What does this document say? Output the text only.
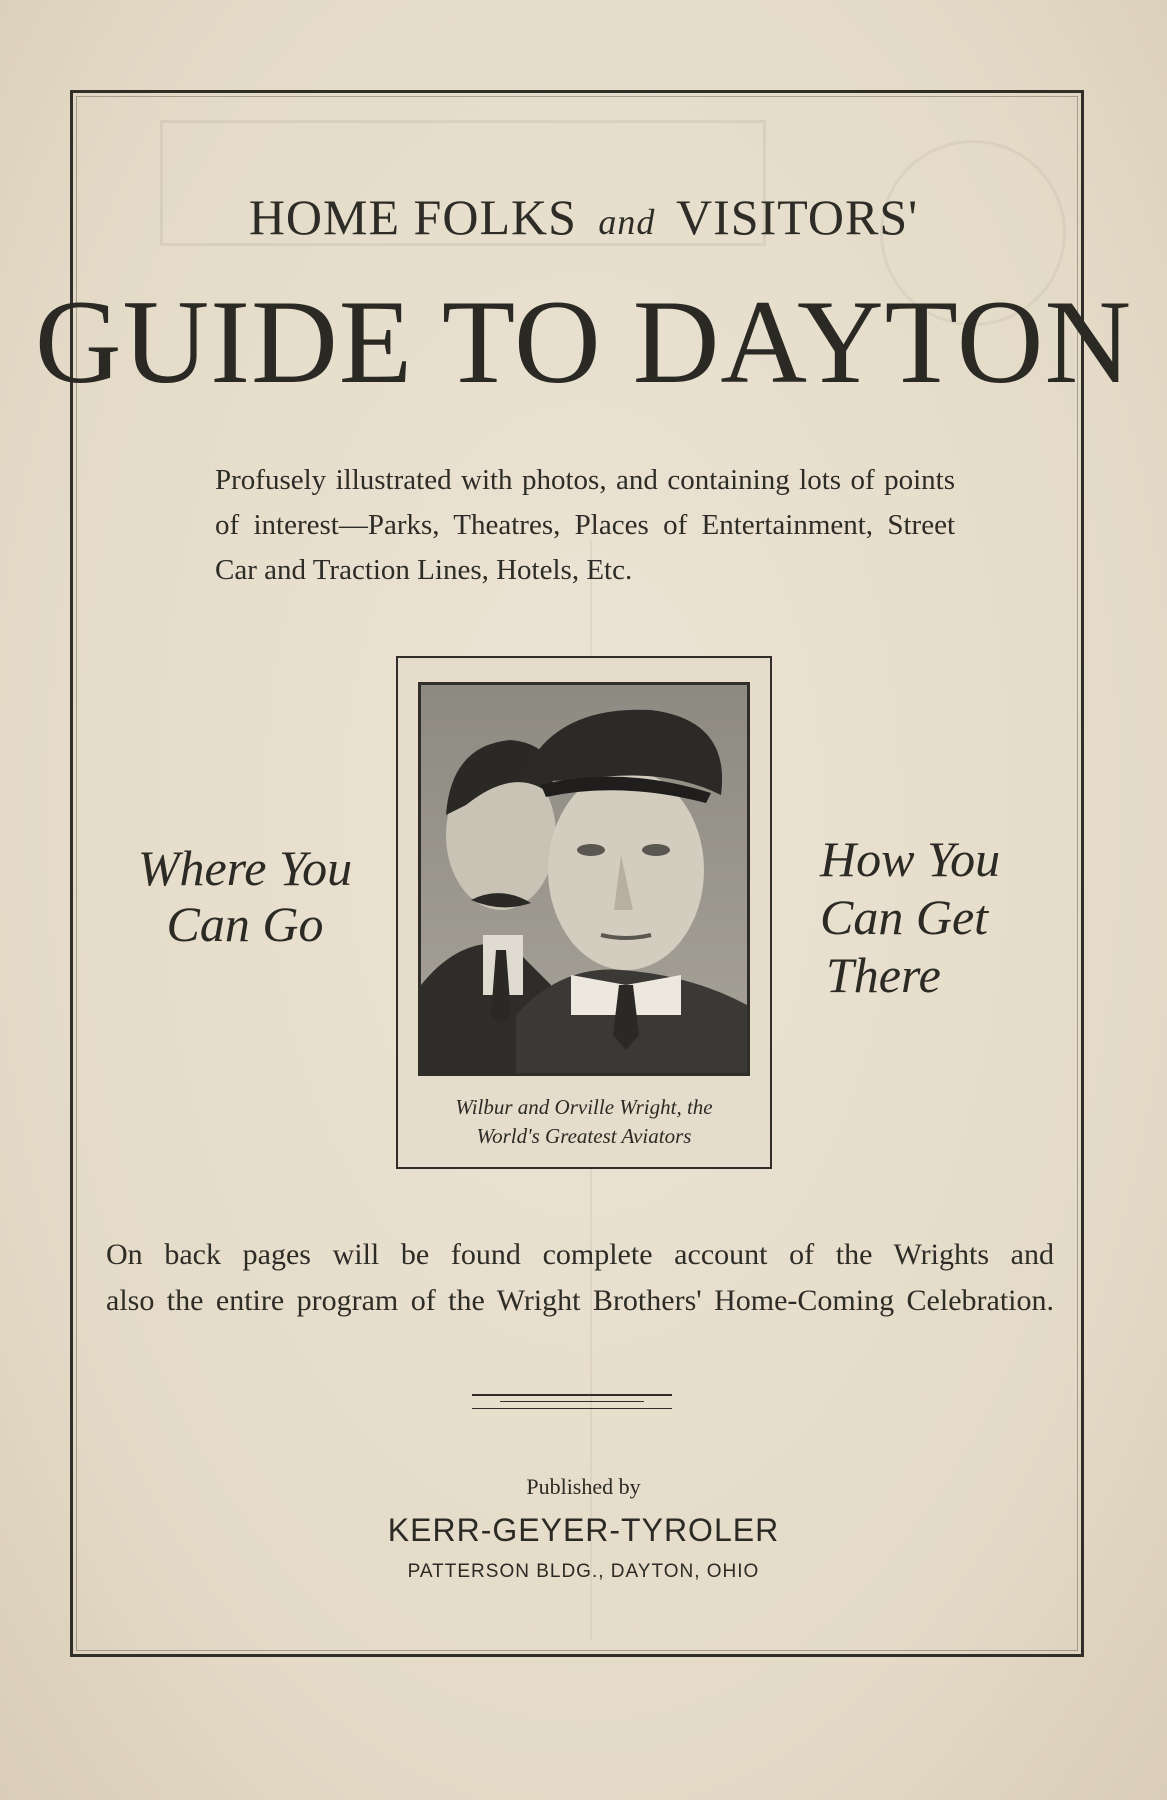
HOME FOLKS and VISITORS'
GUIDE TO DAYTON
Profusely illustrated with photos, and containing lots of points of interest—Parks, Theatres, Places of Entertainment, Street Car and Traction Lines, Hotels, Etc.
Where You
Can Go
How You
Can Get
There
Wilbur and Orville Wright, the
World's Greatest Aviators
On back pages will be found complete account of the Wrights and
also the entire program of the Wright Brothers' Home-Coming Celebration.
Published by
KERR-GEYER-TYROLER
PATTERSON BLDG., DAYTON, OHIO
